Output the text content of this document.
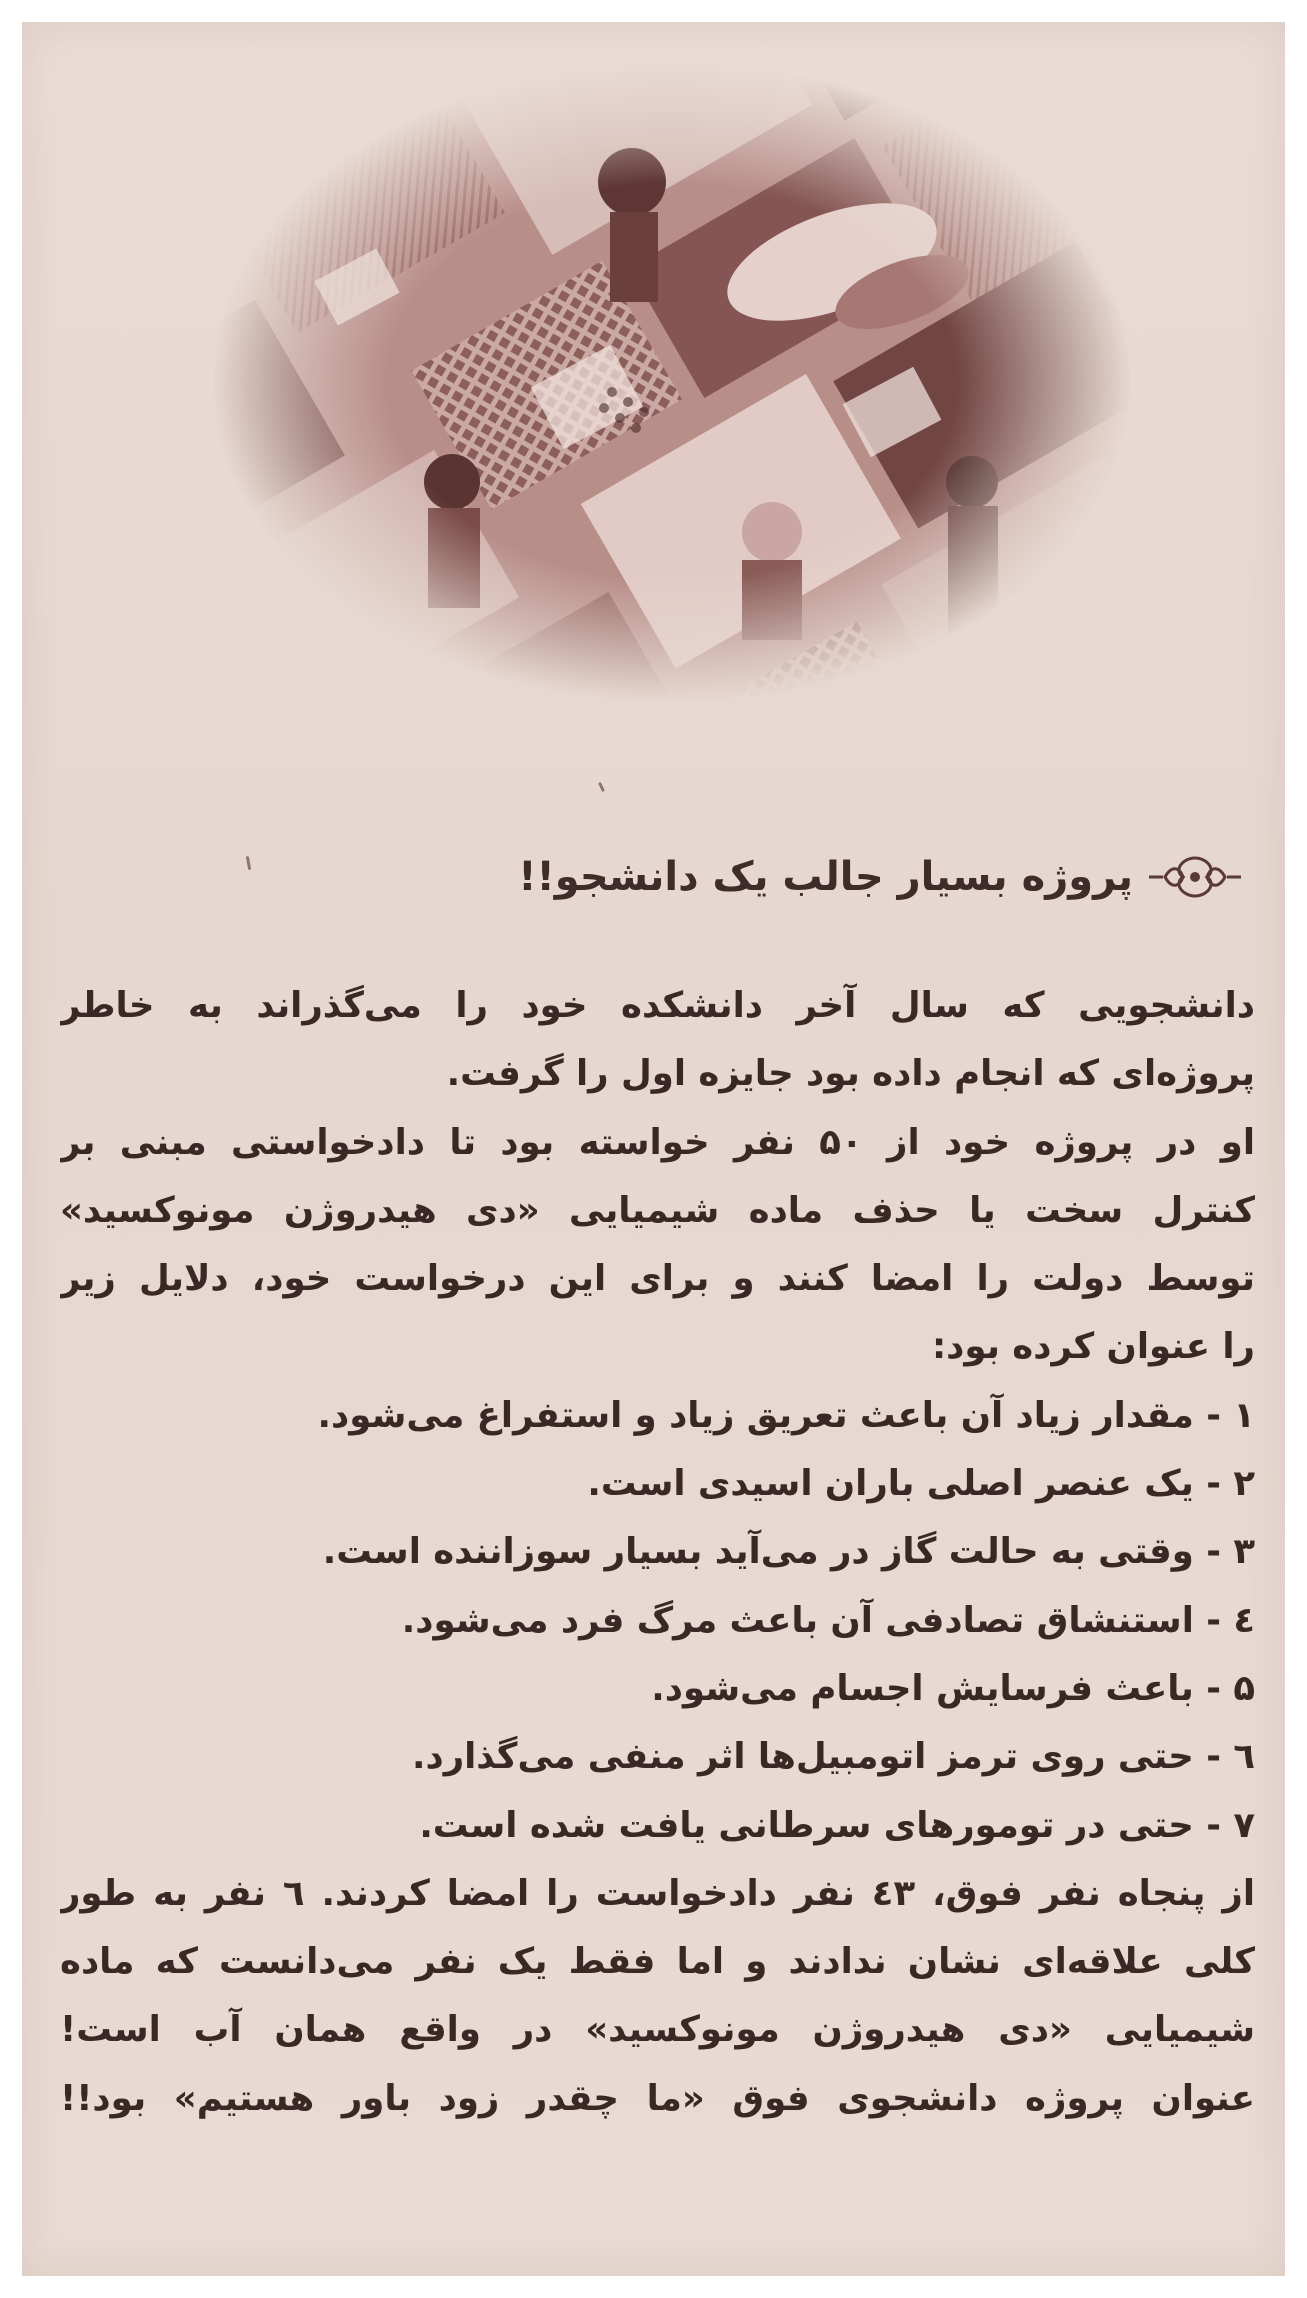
پروژه بسیار جالب یک دانشجو!!
دانشجویی که سال آخر دانشکده خود را می‌گذراند به خاطر
پروژه‌ای که انجام داده بود جایزه اول را گرفت.
او در پروژه خود از ۵۰ نفر خواسته بود تا دادخواستی مبنی بر
کنترل سخت یا حذف ماده شیمیایی «دی هیدروژن مونوکسید»
توسط دولت را امضا کنند و برای این درخواست خود، دلایل زیر
را عنوان کرده بود:
۱ - مقدار زیاد آن باعث تعریق زیاد و استفراغ می‌شود.
۲ - یک عنصر اصلی باران اسیدی است.
۳ - وقتی به حالت گاز در می‌آید بسیار سوزاننده است.
٤ - استنشاق تصادفی آن باعث مرگ فرد می‌شود.
۵ - باعث فرسایش اجسام می‌شود.
٦ - حتی روی ترمز اتومبیل‌ها اثر منفی می‌گذارد.
۷ - حتی در تومورهای سرطانی یافت شده است.
از پنجاه نفر فوق، ٤۳ نفر دادخواست را امضا کردند. ٦ نفر به طور
کلی علاقه‌ای نشان ندادند و اما فقط یک نفر می‌دانست که ماده
شیمیایی «دی هیدروژن مونوکسید» در واقع همان آب است!
عنوان پروژه دانشجوی فوق «ما چقدر زود باور هستیم» بود!!
